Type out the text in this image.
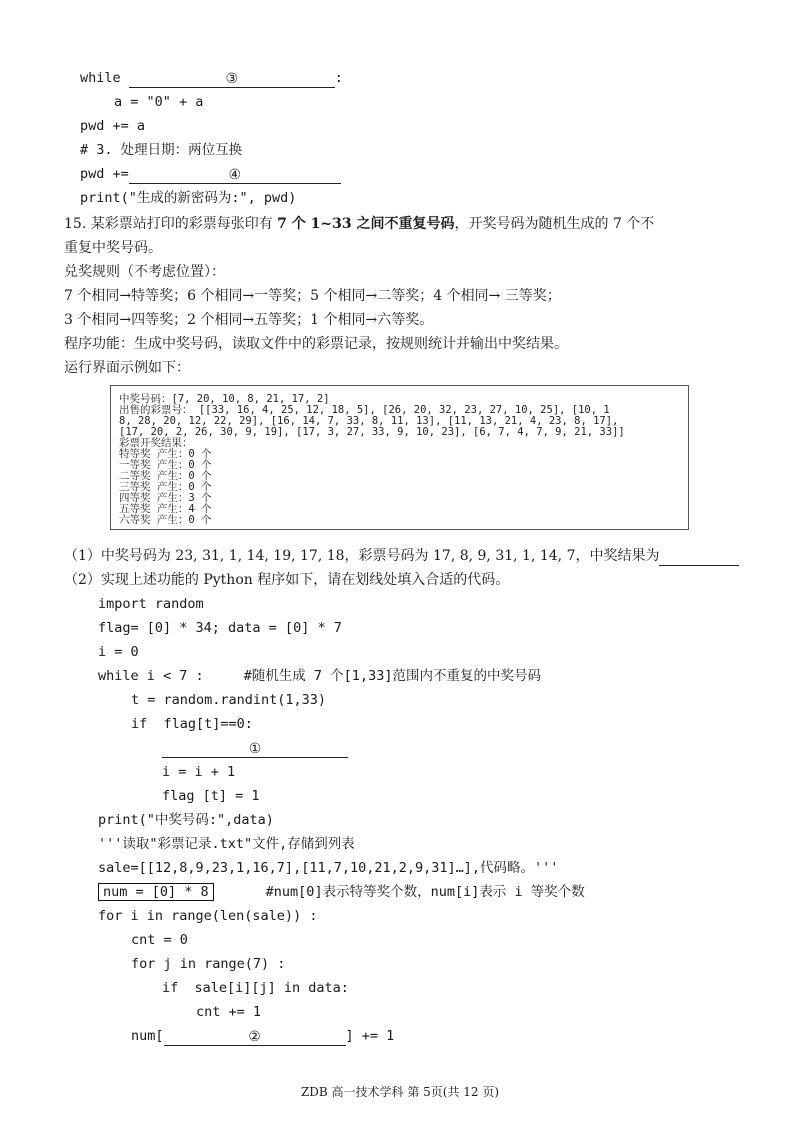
while	③	:
a = "0" + a
pwd += a
# 3. 处理日期：两位互换
pwd +=	④
print("生成的新密码为:", pwd)
15. 某彩票站打印的彩票每张印有 7 个 1~33 之间不重复号码，开奖号码为随机生成的 7 个不
重复中奖号码。
兑奖规则（不考虑位置）：
7 个相同→特等奖；6 个相同→一等奖；5 个相同→二等奖；4 个相同→ 三等奖；
3 个相同→四等奖；2 个相同→五等奖；1 个相同→六等奖。
程序功能：生成中奖号码，读取文件中的彩票记录，按规则统计并输出中奖结果。
运行界面示例如下：
中奖号码：[7, 20, 10, 8, 21, 17, 2]
出售的彩票号： [[33, 16, 4, 25, 12, 18, 5], [26, 20, 32, 23, 27, 10, 25], [10, 1
8, 28, 20, 12, 22, 29], [16, 14, 7, 33, 8, 11, 13], [11, 13, 21, 4, 23, 8, 17],
[17, 20, 2, 26, 30, 9, 19], [17, 3, 27, 33, 9, 10, 23], [6, 7, 4, 7, 9, 21, 33]]
彩票开奖结果：
特等奖 产生：0 个
一等奖 产生：0 个
二等奖 产生：0 个
三等奖 产生：0 个
四等奖 产生：3 个
五等奖 产生：4 个
六等奖 产生：0 个
（1）中奖号码为 23, 31, 1, 14, 19, 17, 18，彩票号码为 17, 8, 9, 31, 1, 14, 7，中奖结果为
（2）实现上述功能的 Python 程序如下，请在划线处填入合适的代码。
import random
flag= [0] * 34; data = [0] * 7
i = 0
while i < 7 :	#随机生成 7 个[1,33]范围内不重复的中奖号码
t = random.randint(1,33)
if  flag[t]==0:
①
i = i + 1
flag [t] = 1
print("中奖号码:",data)
'''读取"彩票记录.txt"文件,存储到列表
sale=[[12,8,9,23,1,16,7],[11,7,10,21,2,9,31]…],代码略。'''
num = [0] * 8	#num[0]表示特等奖个数，num[i]表示 i 等奖个数
for i in range(len(sale)) :
cnt = 0
for j in range(7) :
if  sale[i][j] in data:
cnt += 1
num[	②	] += 1
ZDB 高一技术学科 第 5页(共 12 页)
